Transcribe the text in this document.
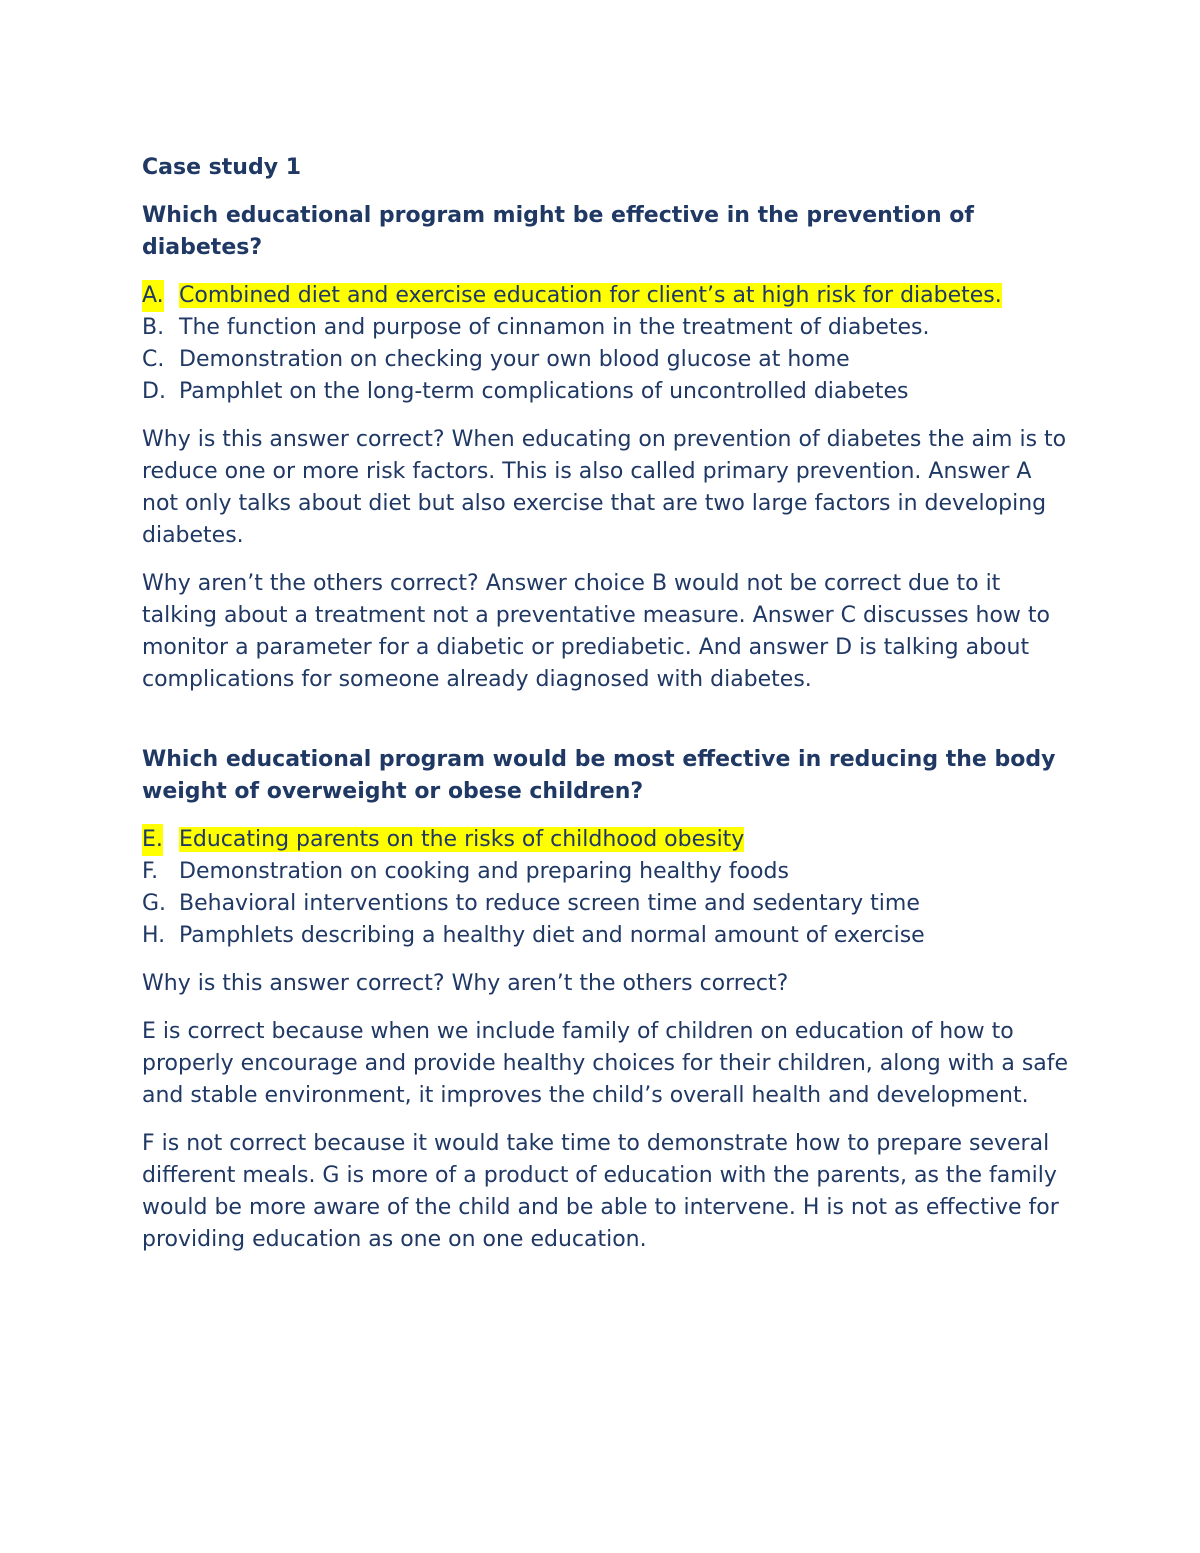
Case study 1

Which educational program might be effective in the prevention of diabetes?

A. Combined diet and exercise education for client’s at high risk for diabetes.
B. The function and purpose of cinnamon in the treatment of diabetes.
C. Demonstration on checking your own blood glucose at home
D. Pamphlet on the long-term complications of uncontrolled diabetes

Why is this answer correct? When educating on prevention of diabetes the aim is to reduce one or more risk factors. This is also called primary prevention. Answer A not only talks about diet but also exercise that are two large factors in developing diabetes.

Why aren’t the others correct? Answer choice B would not be correct due to it talking about a treatment not a preventative measure. Answer C discusses how to monitor a parameter for a diabetic or prediabetic. And answer D is talking about complications for someone already diagnosed with diabetes.

Which educational program would be most effective in reducing the body weight of overweight or obese children?

E. Educating parents on the risks of childhood obesity
F. Demonstration on cooking and preparing healthy foods
G. Behavioral interventions to reduce screen time and sedentary time
H. Pamphlets describing a healthy diet and normal amount of exercise

Why is this answer correct? Why aren’t the others correct?

E is correct because when we include family of children on education of how to properly encourage and provide healthy choices for their children, along with a safe and stable environment, it improves the child’s overall health and development.

F is not correct because it would take time to demonstrate how to prepare several different meals. G is more of a product of education with the parents, as the family would be more aware of the child and be able to intervene. H is not as effective for providing education as one on one education.
